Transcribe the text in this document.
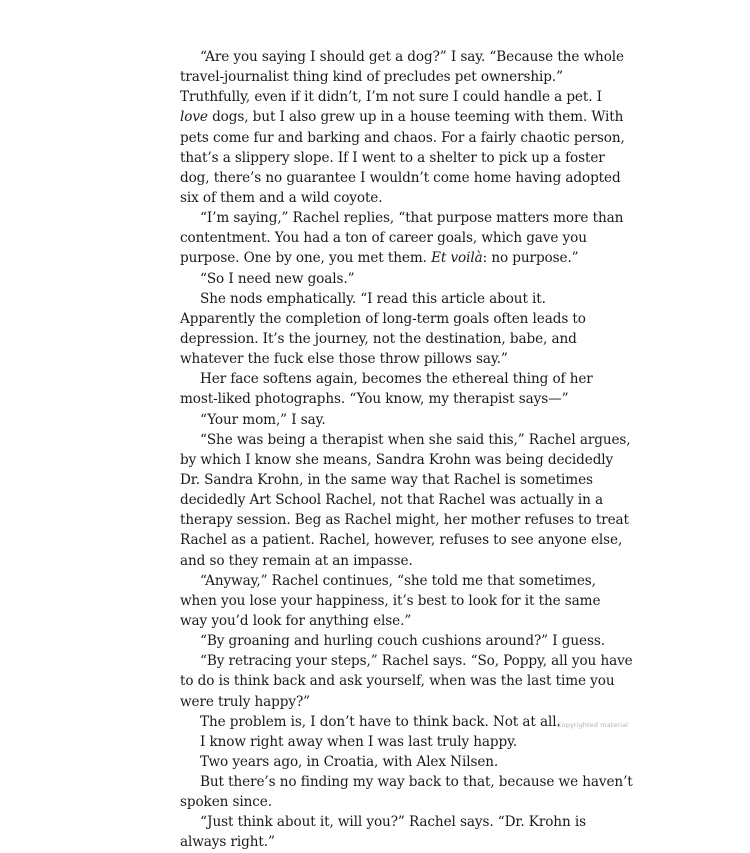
“Are you saying I should get a dog?” I say. “Because the whole
travel-journalist thing kind of precludes pet ownership.”
Truthfully, even if it didn’t, I’m not sure I could handle a pet. I
love dogs, but I also grew up in a house teeming with them. With
pets come fur and barking and chaos. For a fairly chaotic person,
that’s a slippery slope. If I went to a shelter to pick up a foster
dog, there’s no guarantee I wouldn’t come home having adopted
six of them and a wild coyote.
“I’m saying,” Rachel replies, “that purpose matters more than
contentment. You had a ton of career goals, which gave you
purpose. One by one, you met them. Et voilà: no purpose.”
“So I need new goals.”
She nods emphatically. “I read this article about it.
Apparently the completion of long-term goals often leads to
depression. It’s the journey, not the destination, babe, and
whatever the fuck else those throw pillows say.”
Her face softens again, becomes the ethereal thing of her
most-liked photographs. “You know, my therapist says—”
“Your mom,” I say.
“She was being a therapist when she said this,” Rachel argues,
by which I know she means, Sandra Krohn was being decidedly
Dr. Sandra Krohn, in the same way that Rachel is sometimes
decidedly Art School Rachel, not that Rachel was actually in a
therapy session. Beg as Rachel might, her mother refuses to treat
Rachel as a patient. Rachel, however, refuses to see anyone else,
and so they remain at an impasse.
“Anyway,” Rachel continues, “she told me that sometimes,
when you lose your happiness, it’s best to look for it the same
way you’d look for anything else.”
“By groaning and hurling couch cushions around?” I guess.
“By retracing your steps,” Rachel says. “So, Poppy, all you have
to do is think back and ask yourself, when was the last time you
were truly happy?”
The problem is, I don’t have to think back. Not at all.
I know right away when I was last truly happy.
Two years ago, in Croatia, with Alex Nilsen.
But there’s no finding my way back to that, because we haven’t
spoken since.
“Just think about it, will you?” Rachel says. “Dr. Krohn is
always right.”
Copyrighted material
